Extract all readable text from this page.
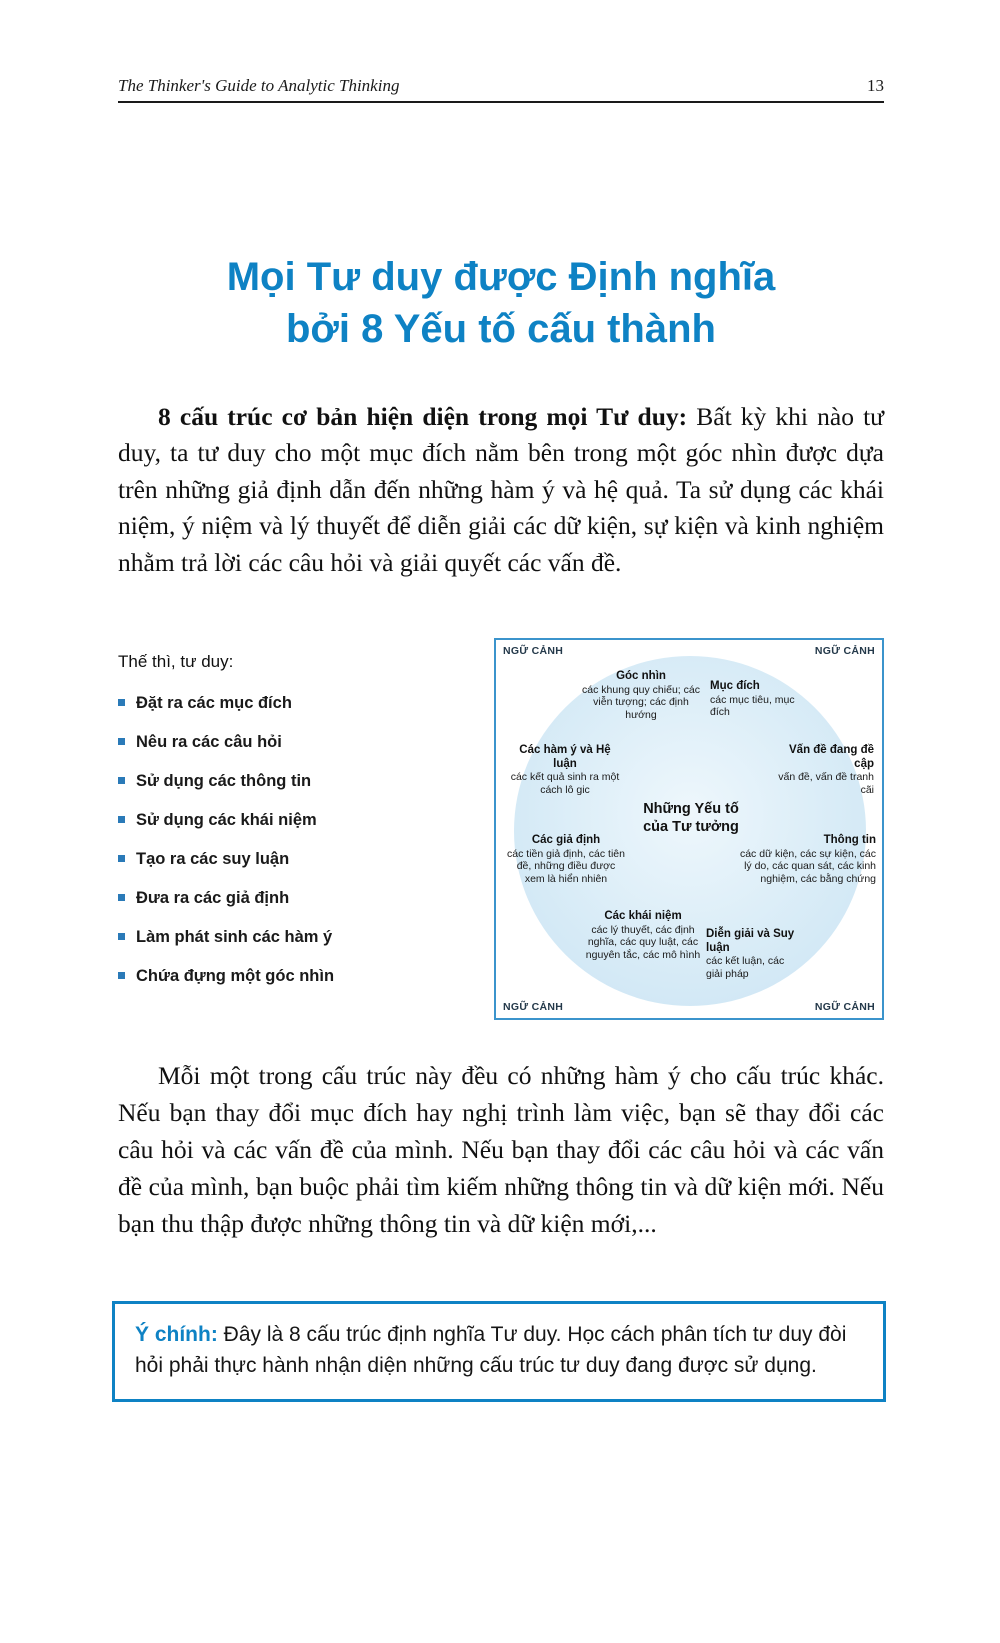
The Thinker's Guide to Analytic Thinking	13
Mọi Tư duy được Định nghĩa
bởi 8 Yếu tố cấu thành

8 cấu trúc cơ bản hiện diện trong mọi Tư duy: Bất kỳ khi nào tư duy, ta tư duy cho một mục đích nằm bên trong một góc nhìn được dựa trên những giả định dẫn đến những hàm ý và hệ quả. Ta sử dụng các khái niệm, ý niệm và lý thuyết để diễn giải các dữ kiện, sự kiện và kinh nghiệm nhằm trả lời các câu hỏi và giải quyết các vấn đề.

Thế thì, tư duy:
Đặt ra các mục đích
Nêu ra các câu hỏi
Sử dụng các thông tin
Sử dụng các khái niệm
Tạo ra các suy luận
Đưa ra các giả định
Làm phát sinh các hàm ý
Chứa đựng một góc nhìn
NGỮ CẢNH	NGỮ CẢNH
NGỮ CẢNH	NGỮ CẢNH
Những Yếu tố
của Tư tưởng
Góc nhìn
các khung quy chiếu; các viễn tượng; các định hướng
Mục đích
các mục tiêu, mục đích
Các hàm ý và Hệ luận
các kết quả sinh ra một cách lô gic
Vấn đề đang đề cập
vấn đề, vấn đề tranh cãi
Các giả định
các tiền giả định, các tiên đề, những điều được xem là hiển nhiên
Thông tin
các dữ kiện, các sự kiện, các lý do, các quan sát, các kinh nghiệm, các bằng chứng
Các khái niệm
các lý thuyết, các định nghĩa, các quy luật, các nguyên tắc, các mô hình
Diễn giải và Suy luận
các kết luận, các giải pháp

Mỗi một trong cấu trúc này đều có những hàm ý cho cấu trúc khác. Nếu bạn thay đổi mục đích hay nghị trình làm việc, bạn sẽ thay đổi các câu hỏi và các vấn đề của mình. Nếu bạn thay đổi các câu hỏi và các vấn đề của mình, bạn buộc phải tìm kiếm những thông tin và dữ kiện mới. Nếu bạn thu thập được những thông tin và dữ kiện mới,...

Ý chính: Đây là 8 cấu trúc định nghĩa Tư duy. Học cách phân tích tư duy đòi hỏi phải thực hành nhận diện những cấu trúc tư duy đang được sử dụng.
